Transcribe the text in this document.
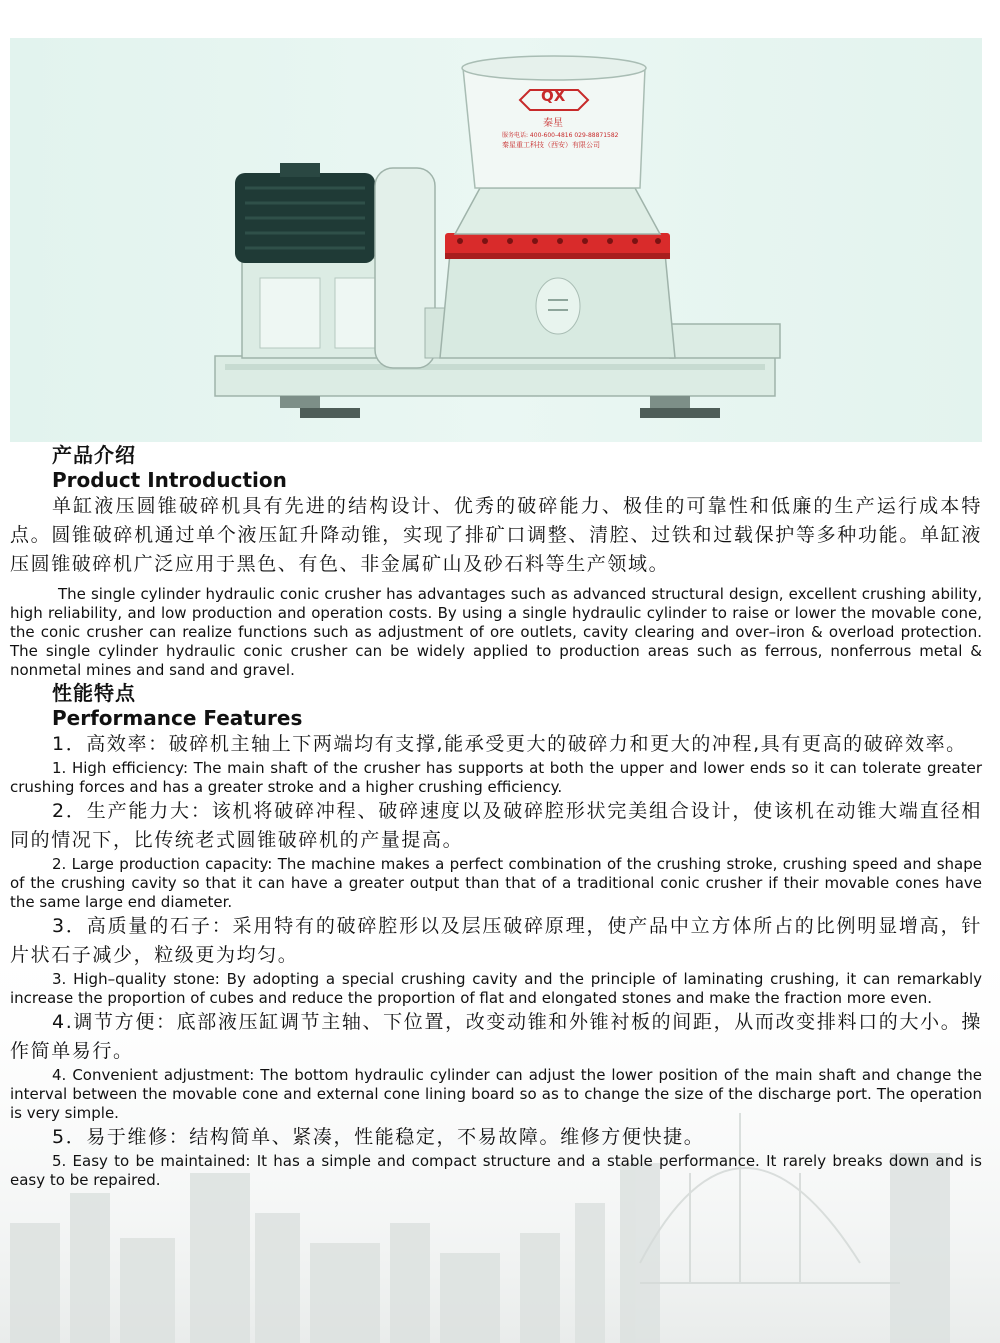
QX
秦星
服务电话: 400-600-4816 029-88871582
秦星重工科技（西安）有限公司
产品介绍
Product Introduction

单缸液压圆锥破碎机具有先进的结构设计、优秀的破碎能力、极佳的可靠性和低廉的生产运行成本特点。圆锥破碎机通过单个液压缸升降动锥，实现了排矿口调整、清腔、过铁和过载保护等多种功能。单缸液压圆锥破碎机广泛应用于黑色、有色、非金属矿山及砂石料等生产领域。

The single cylinder hydraulic conic crusher has advantages such as advanced structural design, excellent crushing ability, high reliability, and low production and operation costs. By using a single hydraulic cylinder to raise or lower the movable cone, the conic crusher can realize functions such as adjustment of ore outlets, cavity clearing and over–iron & overload protection. The single cylinder hydraulic conic crusher can be widely applied to production areas such as ferrous, nonferrous metal & nonmetal mines and sand and gravel.

性能特点
Performance Features

1．高效率：破碎机主轴上下两端均有支撑,能承受更大的破碎力和更大的冲程,具有更高的破碎效率。

1. High efficiency: The main shaft of the crusher has supports at both the upper and lower ends so it can tolerate greater crushing forces and has a greater stroke and a higher crushing efficiency.

2．生产能力大：该机将破碎冲程、破碎速度以及破碎腔形状完美组合设计，使该机在动锥大端直径相同的情况下，比传统老式圆锥破碎机的产量提高。

2. Large production capacity: The machine makes a perfect combination of the crushing stroke, crushing speed and shape of the crushing cavity so that it can have a greater output than that of a traditional conic crusher if their movable cones have the same large end diameter.

3．高质量的石子：采用特有的破碎腔形以及层压破碎原理，使产品中立方体所占的比例明显增高，针片状石子减少，粒级更为均匀。

3. High–quality stone: By adopting a special crushing cavity and the principle of laminating crushing, it can remarkably increase the proportion of cubes and reduce the proportion of flat and elongated stones and make the fraction more even.

4.调节方便：底部液压缸调节主轴、下位置，改变动锥和外锥衬板的间距，从而改变排料口的大小。操作简单易行。

4. Convenient adjustment: The bottom hydraulic cylinder can adjust the lower position of the main shaft and change the interval between the movable cone and external cone lining board so as to change the size of the discharge port. The operation is very simple.

5．易于维修：结构简单、紧凑，性能稳定，不易故障。维修方便快捷。

5. Easy to be maintained: It has a simple and compact structure and a stable performance. It rarely breaks down and is easy to be repaired.
